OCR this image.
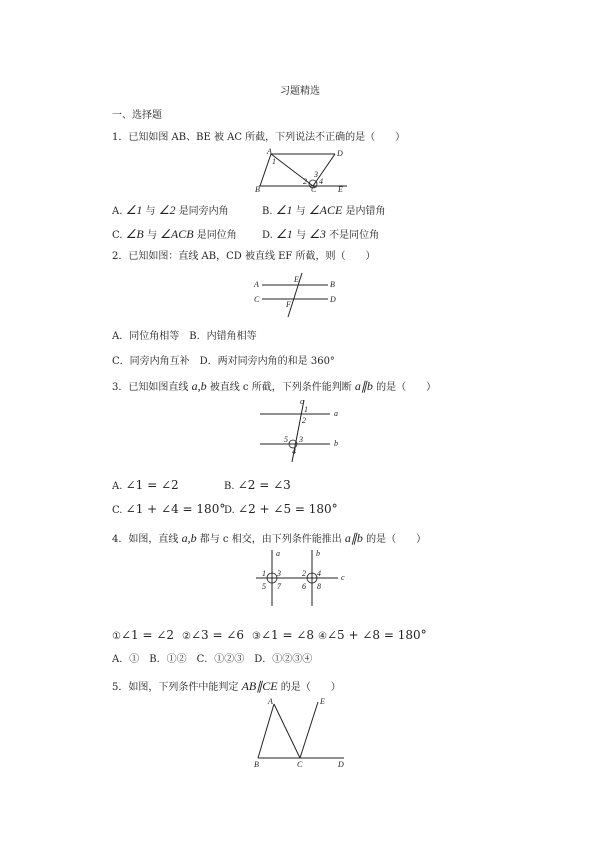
习题精选
一、选择题
1．已知如图 AB、BE 被 AC 所截，下列说法不正确的是（　　）
A	D
B	C	E
1
2
3
4
A. ∠1 与 ∠2 是同旁内角	B. ∠1 与 ∠ACE 是内错角
C. ∠B 与 ∠ACB 是同位角	D. ∠1 与 ∠3 不是同位角
2．已知如图：直线 AB，CD 被直线 EF 所截，则（　　）
A	B
C	D
E
F
A．同位角相等　B．内错角相等
C．同旁内角互补　D．两对同旁内角的和是 360°
3．已知如图直线 a,b 被直线 c 所截，下列条件能判断 a∥b 的是（　　）
c
a
b
1
2
3
4
5
A. ∠1 = ∠2	B. ∠2 = ∠3
C. ∠1 + ∠4 = 180°
D. ∠2 + ∠5 = 180°
4．如图，直线 a,b 都与 c 相交，由下列条件能推出 a∥b 的是（　　）
a	b
c
1	2
3	4
5	6
7	8
①∠1 = ∠2 ②∠3 = ∠6 ③∠1 = ∠8 ④∠5 + ∠8 = 180°
A．①　B．①②　C．①②③　D．①②③④
5．如图，下列条件中能判定 AB∥CE 的是（　　）
A	E
B	C	D
